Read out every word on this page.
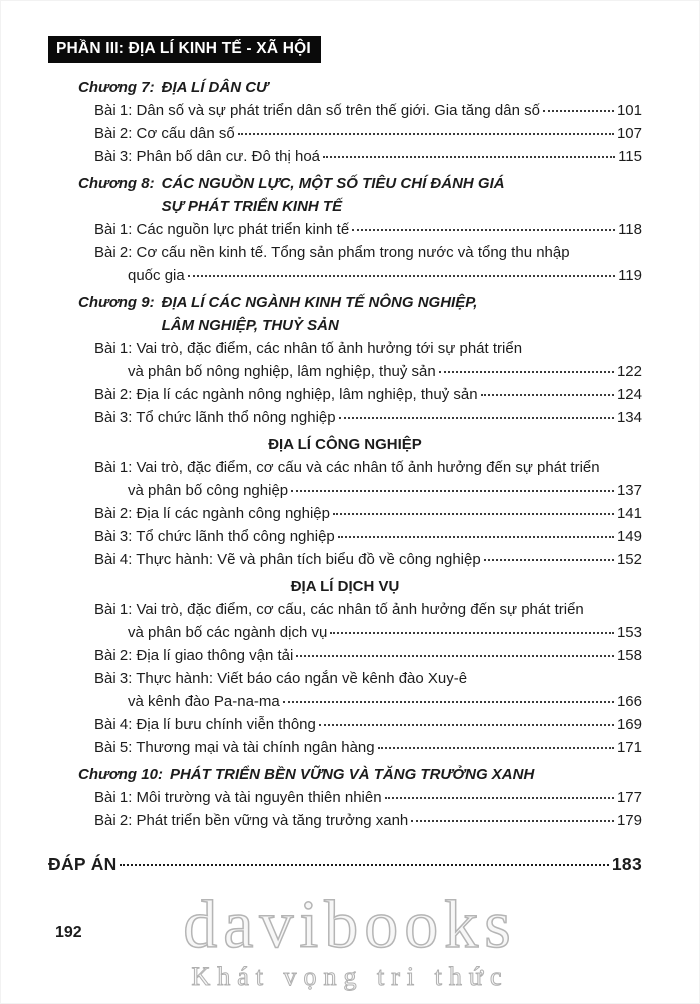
PHẦN III: ĐỊA LÍ KINH TẾ - XÃ HỘI
Chương 7: ĐỊA LÍ DÂN CƯ
Bài 1: Dân số và sự phát triển dân số trên thế giới. Gia tăng dân số	101
Bài 2: Cơ cấu dân số	107
Bài 3: Phân bố dân cư. Đô thị hoá	115
Chương 8: CÁC NGUỒN LỰC, MỘT SỐ TIÊU CHÍ ĐÁNH GIÁ
SỰ PHÁT TRIỂN KINH TẾ
Bài 1: Các nguồn lực phát triển kinh tế	118
Bài 2: Cơ cấu nền kinh tế. Tổng sản phẩm trong nước và tổng thu nhập
quốc gia	119
Chương 9: ĐỊA LÍ CÁC NGÀNH KINH TẾ NÔNG NGHIỆP,
LÂM NGHIỆP, THUỶ SẢN
Bài 1: Vai trò, đặc điểm, các nhân tố ảnh hưởng tới sự phát triển
và phân bố nông nghiệp, lâm nghiệp, thuỷ sản	122
Bài 2: Địa lí các ngành nông nghiệp, lâm nghiệp, thuỷ sản	124
Bài 3: Tổ chức lãnh thổ nông nghiệp	134
ĐỊA LÍ CÔNG NGHIỆP
Bài 1: Vai trò, đặc điểm, cơ cấu và các nhân tố ảnh hưởng đến sự phát triển
và phân bố công nghiệp	137
Bài 2: Địa lí các ngành công nghiệp	141
Bài 3: Tổ chức lãnh thổ công nghiệp	149
Bài 4: Thực hành: Vẽ và phân tích biểu đồ về công nghiệp	152
ĐỊA LÍ DỊCH VỤ
Bài 1: Vai trò, đặc điểm, cơ cấu, các nhân tố ảnh hưởng đến sự phát triển
và phân bố các ngành dịch vụ	153
Bài 2: Địa lí giao thông vận tải	158
Bài 3: Thực hành: Viết báo cáo ngắn về kênh đào Xuy-ê
và kênh đào Pa-na-ma	166
Bài 4: Địa lí bưu chính viễn thông	169
Bài 5: Thương mại và tài chính ngân hàng	171
Chương 10: PHÁT TRIỂN BỀN VỮNG VÀ TĂNG TRƯỞNG XANH
Bài 1: Môi trường và tài nguyên thiên nhiên	177
Bài 2: Phát triển bền vững và tăng trưởng xanh	179
ĐÁP ÁN	183
192	davibooks
Khát vọng tri thức
